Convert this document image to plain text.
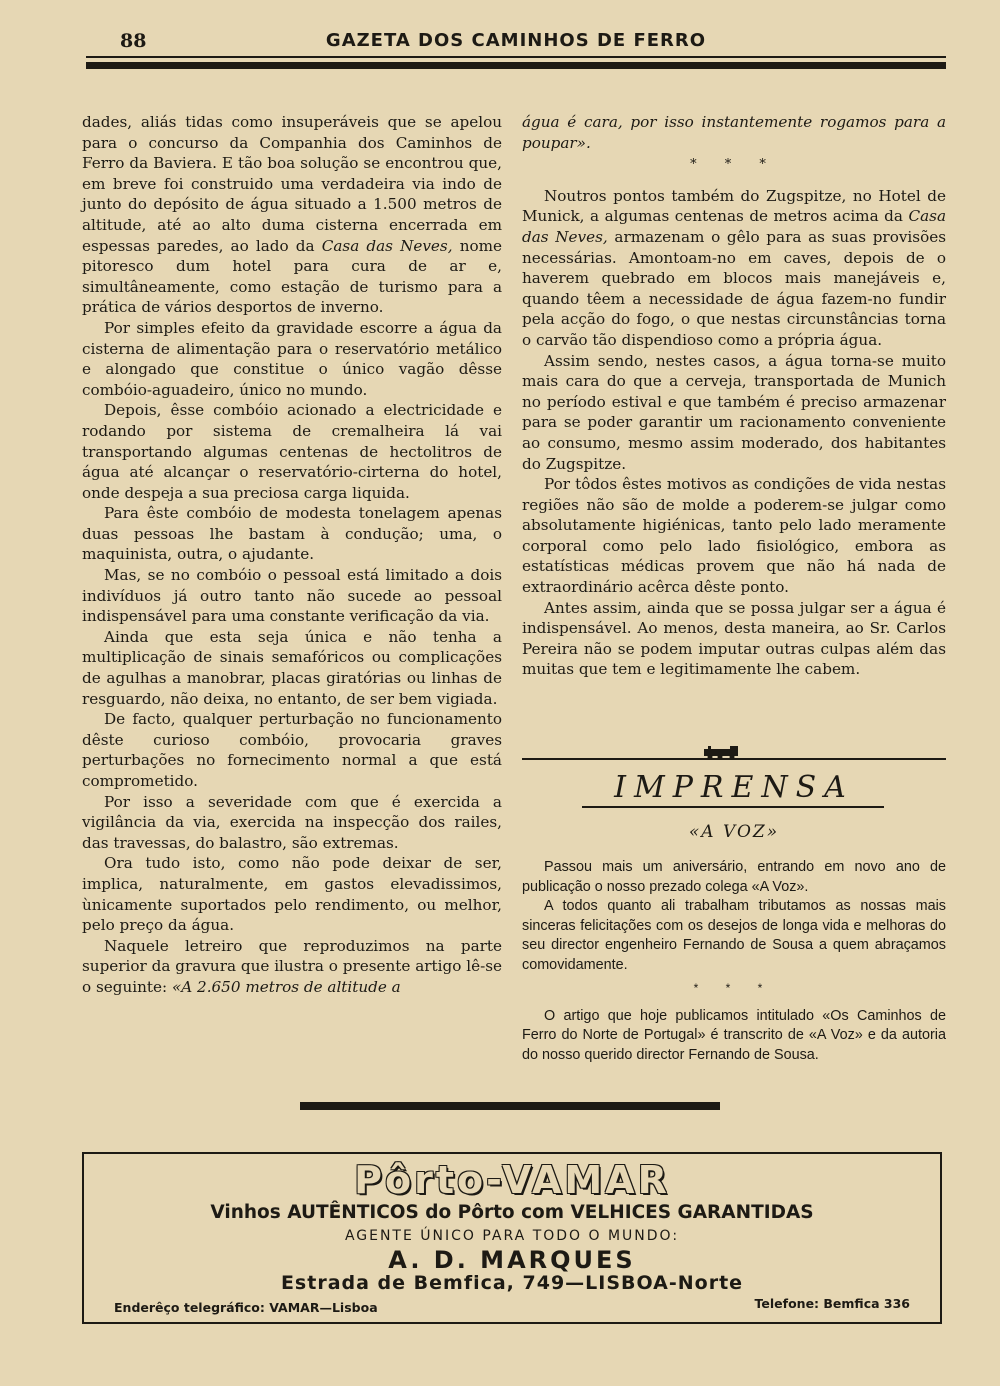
88	GAZETA DOS CAMINHOS DE FERRO

dades, aliás tidas como insuperáveis que se apelou para o concurso da Companhia dos Caminhos de Ferro da Baviera. E tão boa solução se encontrou que, em breve foi construido uma verdadeira via indo de junto do depósito de água situado a 1.500 metros de altitude, até ao alto duma cisterna encerrada em espessas paredes, ao lado da Casa das Neves, nome pitoresco dum hotel para cura de ar e, simultâneamente, como estação de turismo para a prática de vários desportos de inverno.

Por simples efeito da gravidade escorre a água da cisterna de alimentação para o reservatório metálico e alongado que constitue o único vagão dêsse combóio-aguadeiro, único no mundo.

Depois, êsse combóio acionado a electricidade e rodando por sistema de cremalheira lá vai transportando algumas centenas de hectolitros de água até alcançar o reservatório-cirterna do hotel, onde despeja a sua preciosa carga liquida.

Para êste combóio de modesta tonelagem apenas duas pessoas lhe bastam à condução; uma, o maquinista, outra, o ajudante.

Mas, se no combóio o pessoal está limitado a dois indivíduos já outro tanto não sucede ao pessoal indispensável para uma constante verificação da via.

Ainda que esta seja única e não tenha a multiplicação de sinais semafóricos ou complicações de agulhas a manobrar, placas giratórias ou linhas de resguardo, não deixa, no entanto, de ser bem vigiada.

De facto, qualquer perturbação no funcionamento dêste curioso combóio, provocaria graves perturbações no fornecimento normal a que está comprometido.

Por isso a severidade com que é exercida a vigilância da via, exercida na inspecção dos railes, das travessas, do balastro, são extremas.

Ora tudo isto, como não pode deixar de ser, implica, naturalmente, em gastos elevadissimos, ùnicamente suportados pelo rendimento, ou melhor, pelo preço da água.

Naquele letreiro que reproduzimos na parte superior da gravura que ilustra o presente artigo lê-se o seguinte: «A 2.650 metros de altitude a

água é cara, por isso instantemente rogamos para a poupar».

* * *

Noutros pontos também do Zugspitze, no Hotel de Munick, a algumas centenas de metros acima da Casa das Neves, armazenam o gêlo para as suas provisões necessárias. Amontoam-no em caves, depois de o haverem quebrado em blocos mais manejáveis e, quando têem a necessidade de água fazem-no fundir pela acção do fogo, o que nestas circunstâncias torna o carvão tão dispendioso como a própria água.

Assim sendo, nestes casos, a água torna-se muito mais cara do que a cerveja, transportada de Munich no período estival e que também é preciso armazenar para se poder garantir um racionamento conveniente ao consumo, mesmo assim moderado, dos habitantes do Zugspitze.

Por tôdos êstes motivos as condições de vida nestas regiões não são de molde a poderem-se julgar como absolutamente higiénicas, tanto pelo lado meramente corporal como pelo lado fisiológico, embora as estatísticas médicas provem que não há nada de extraordinário acêrca dêste ponto.

Antes assim, ainda que se possa julgar ser a água é indispensável. Ao menos, desta maneira, ao Sr. Carlos Pereira não se podem imputar outras culpas além das muitas que tem e legitimamente lhe cabem.

IMPRENSA
«A VOZ»

Passou mais um aniversário, entrando em novo ano de publicação o nosso prezado colega «A Voz».

A todos quanto ali trabalham tributamos as nossas mais sinceras felicitações com os desejos de longa vida e melhoras do seu director engenheiro Fernando de Sousa a quem abraçamos comovidamente.

* * *

O artigo que hoje publicamos intitulado «Os Caminhos de Ferro do Norte de Portugal» é transcrito de «A Voz» e da autoria do nosso querido director Fernando de Sousa.

Pôrto-VAMAR
Vinhos AUTÊNTICOS do Pôrto com VELHICES GARANTIDAS
AGENTE ÚNICO PARA TODO O MUNDO:
A. D. MARQUES
Estrada de Bemfica, 749—LISBOA-Norte
Enderêço telegráfico: VAMAR—Lisboa	Telefone: Bemfica 336
